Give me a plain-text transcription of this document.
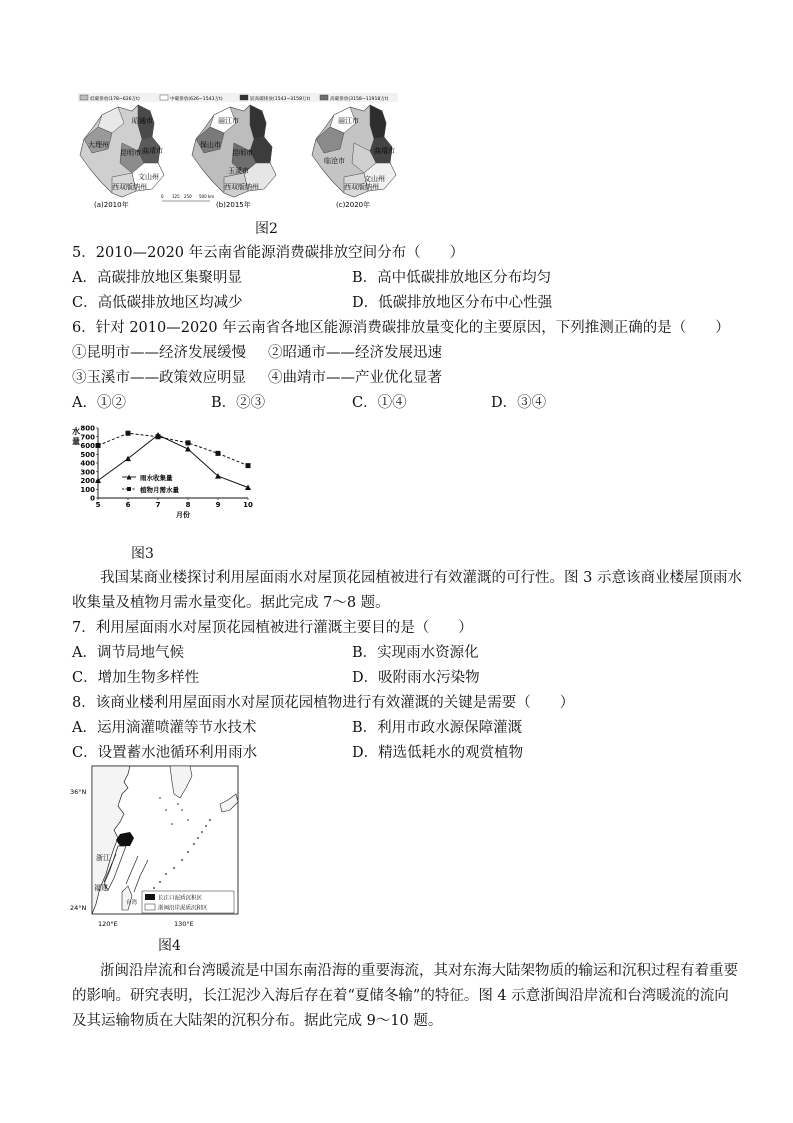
低碳排放(178~626万t)	中碳排放(626~1543万t)	较高碳排放(1543~3158万t)	高碳排放(3158~11918万t)
昭通市
昆明市 曲靖市
大理州
文山州
西双版纳州
(a)2010年
0 125 250 500 km
丽江市
昆明市
保山市
玉溪市
西双版纳州
(b)2015年
丽江市
曲靖市
临沧市
文山州
西双版纳州
(c)2020年
图2
5．2010—2020 年云南省能源消费碳排放空间分布（　　）
A．高碳排放地区集聚明显	B．高中低碳排放地区分布均匀
C．高低碳排放地区均减少	D．低碳排放地区分布中心性强
6．针对 2010—2020 年云南省各地区能源消费碳排放量变化的主要原因，下列推测正确的是（　　）
①昆明市——经济发展缓慢 ②昭通市——经济发展迅速
③玉溪市——政策效应明显 ④曲靖市——产业优化显著
A．①②	B．②③	C．①④	D．③④
水
量
0
100
200
300
400
500
600
700
800
5	6	7	8	9	10
雨水收集量
植物月需水量
月份
图3
我国某商业楼探讨利用屋面雨水对屋顶花园植被进行有效灌溉的可行性。图 3 示意该商业楼屋顶雨水
收集量及植物月需水量变化。据此完成 7～8 题。
7．利用屋面雨水对屋顶花园植被进行灌溉主要目的是（　　）
A．调节局地气候	B．实现雨水资源化
C．增加生物多样性	D．吸附雨水污染物
8．该商业楼利用屋面雨水对屋顶花园植物进行有效灌溉的关键是需要（　　）
A．运用滴灌喷灌等节水技术	B．利用市政水源保障灌溉
C．设置蓄水池循环利用雨水	D．精选低耗水的观赏植物
36°N
24°N
120°E	130°E
浙江
福建
台湾
长江口泥质沉积区
浙闽沿岸泥质沉积区
图4
浙闽沿岸流和台湾暖流是中国东南沿海的重要海流，其对东海大陆架物质的输运和沉积过程有着重要
的影响。研究表明，长江泥沙入海后存在着“夏储冬输”的特征。图 4 示意浙闽沿岸流和台湾暖流的流向
及其运输物质在大陆架的沉积分布。据此完成 9～10 题。
